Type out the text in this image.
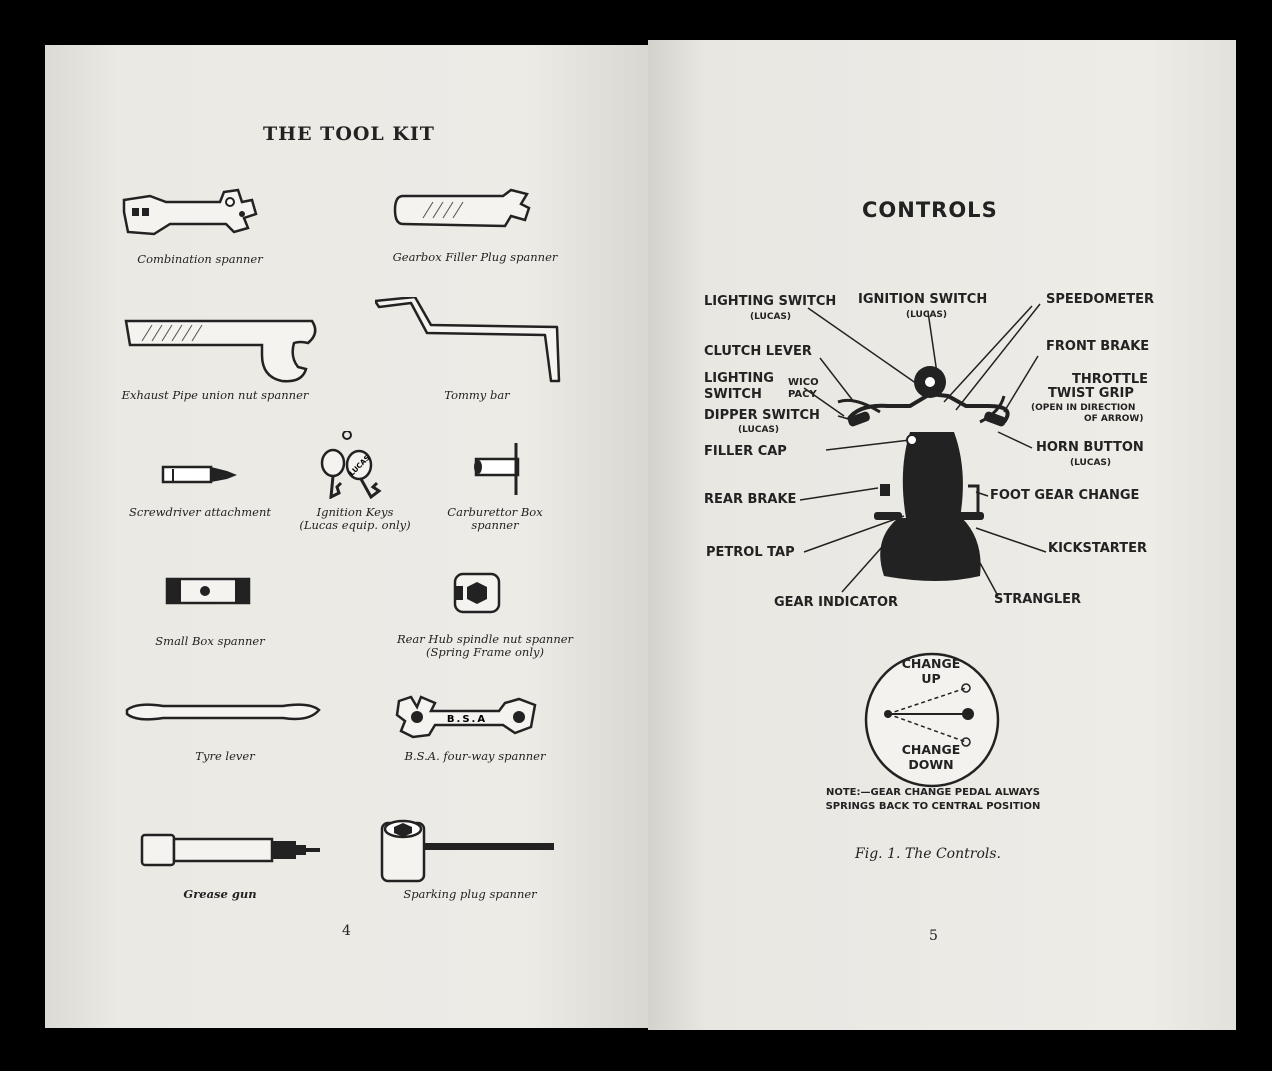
THE TOOL KIT
Combination spanner	Gearbox Filler Plug spanner
Exhaust Pipe union nut spanner	Tommy bar
Screwdriver attachment
LUCAS
Ignition Keys
(Lucas equip. only)
Carburettor Box
spanner
Small Box spanner	Rear Hub spindle nut spanner
(Spring Frame only)
Tyre lever
B.S.A
B.S.A. four-way spanner
Grease gun	Sparking plug spanner
4
CONTROLS
LIGHTING SWITCH
(LUCAS)
IGNITION SWITCH
(LUCAS)
SPEEDOMETER
CLUTCH LEVER	FRONT BRAKE
LIGHTING
SWITCH
WICO
PACY
THROTTLE
TWIST GRIP
(OPEN IN DIRECTION
OF ARROW)
DIPPER SWITCH
(LUCAS)
FILLER CAP	HORN BUTTON
(LUCAS)
REAR BRAKE	FOOT GEAR CHANGE
PETROL TAP	KICKSTARTER
GEAR INDICATOR	STRANGLER
CHANGE
UP
CHANGE
DOWN
NOTE:—GEAR CHANGE PEDAL ALWAYS
SPRINGS BACK TO CENTRAL POSITION
Fig. 1. The Controls.
5
